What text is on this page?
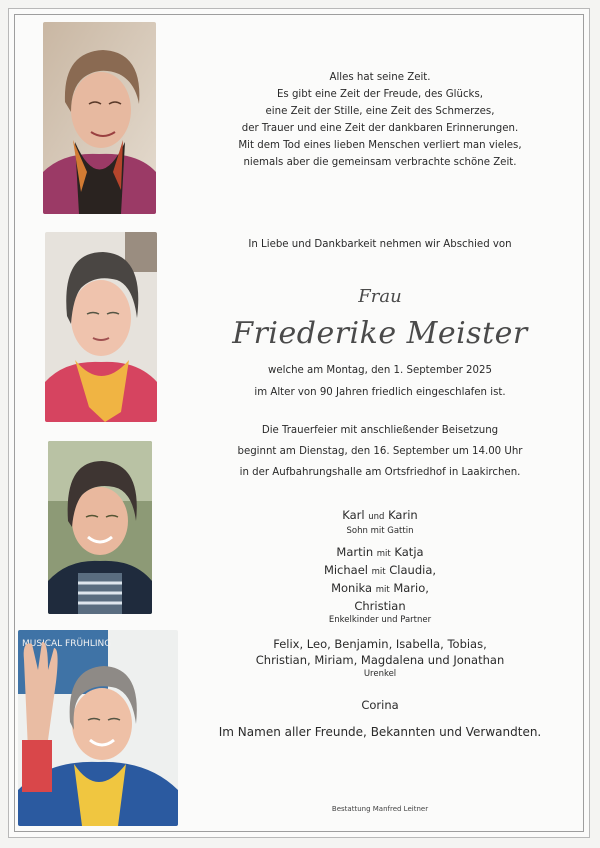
MUSICAL FRÜHLING
Alles hat seine Zeit.
Es gibt eine Zeit der Freude, des Glücks,
eine Zeit der Stille, eine Zeit des Schmerzes,
der Trauer und eine Zeit der dankbaren Erinnerungen.
Mit dem Tod eines lieben Menschen verliert man vieles,
niemals aber die gemeinsam verbrachte schöne Zeit.
In Liebe und Dankbarkeit nehmen wir Abschied von
Frau
Friederike Meister
welche am Montag, den 1. September 2025
im Alter von 90 Jahren friedlich eingeschlafen ist.
Die Trauerfeier mit anschließender Beisetzung
beginnt am Dienstag, den 16. September um 14.00 Uhr
in der Aufbahrungshalle am Ortsfriedhof in Laakirchen.
Karl und Karin
Sohn mit Gattin
Martin mit Katja
Michael mit Claudia,
Monika mit Mario,
Christian
Enkelkinder und Partner
Felix, Leo, Benjamin, Isabella, Tobias,
Christian, Miriam, Magdalena und Jonathan
Urenkel
Corina
Im Namen aller Freunde, Bekannten und Verwandten.
Bestattung Manfred Leitner
